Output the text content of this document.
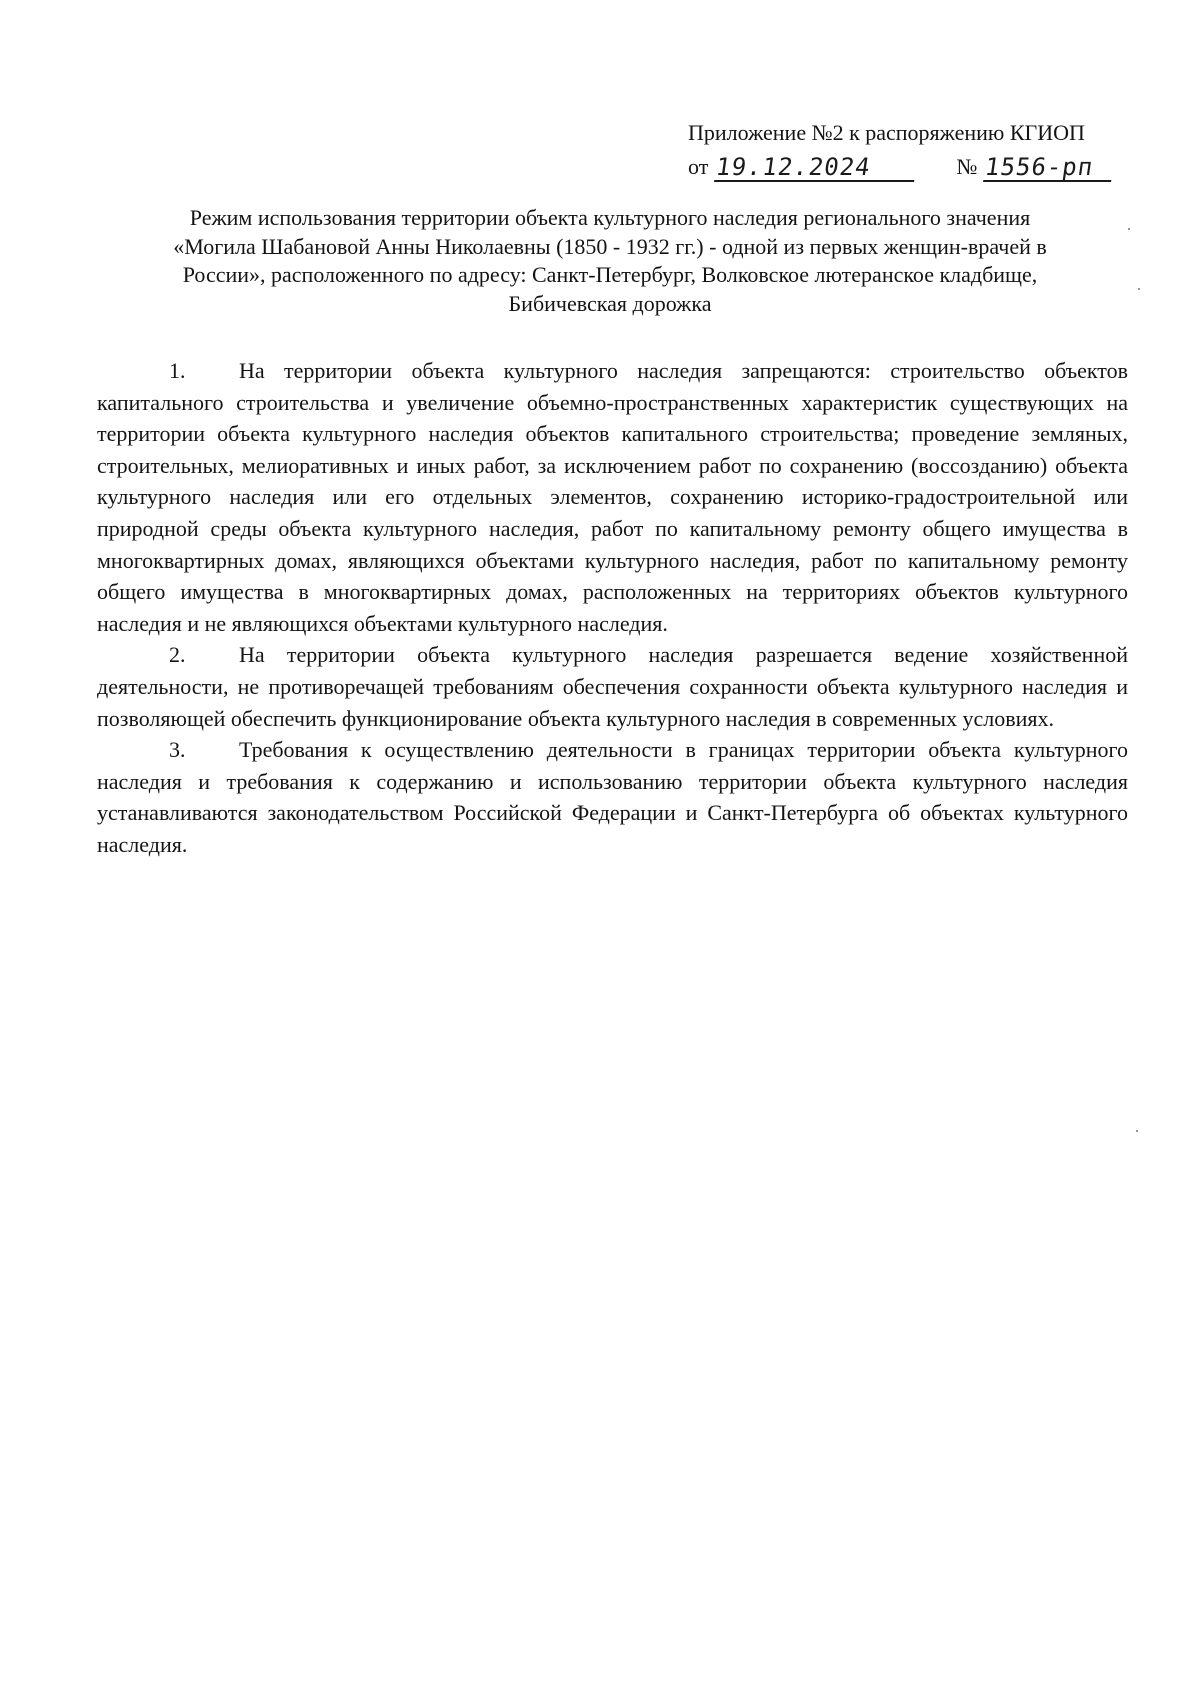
Приложение №2 к распоряжению КГИОП
от 19.12.2024	№ 1556-рп
Режим использования территории объекта культурного наследия регионального значения
«Могила Шабановой Анны Николаевны (1850 - 1932 гг.) - одной из первых женщин-врачей в
России», расположенного по адресу: Санкт-Петербург, Волковское лютеранское кладбище,
Бибичевская дорожка

1. На территории объекта культурного наследия запрещаются: строительство объектов капитального строительства и увеличение объемно-пространственных характеристик существующих на территории объекта культурного наследия объектов капитального строительства; проведение земляных, строительных, мелиоративных и иных работ, за исключением работ по сохранению (воссозданию) объекта культурного наследия или его отдельных элементов, сохранению историко-градостроительной или природной среды объекта культурного наследия, работ по капитальному ремонту общего имущества в многоквартирных домах, являющихся объектами культурного наследия, работ по капитальному ремонту общего имущества в многоквартирных домах, расположенных на территориях объектов культурного наследия и не являющихся объектами культурного наследия.

2. На территории объекта культурного наследия разрешается ведение хозяйственной деятельности, не противоречащей требованиям обеспечения сохранности объекта культурного наследия и позволяющей обеспечить функционирование объекта культурного наследия в современных условиях.

3. Требования к осуществлению деятельности в границах территории объекта культурного наследия и требования к содержанию и использованию территории объекта культурного наследия устанавливаются законодательством Российской Федерации и Санкт-Петербурга об объектах культурного наследия.
